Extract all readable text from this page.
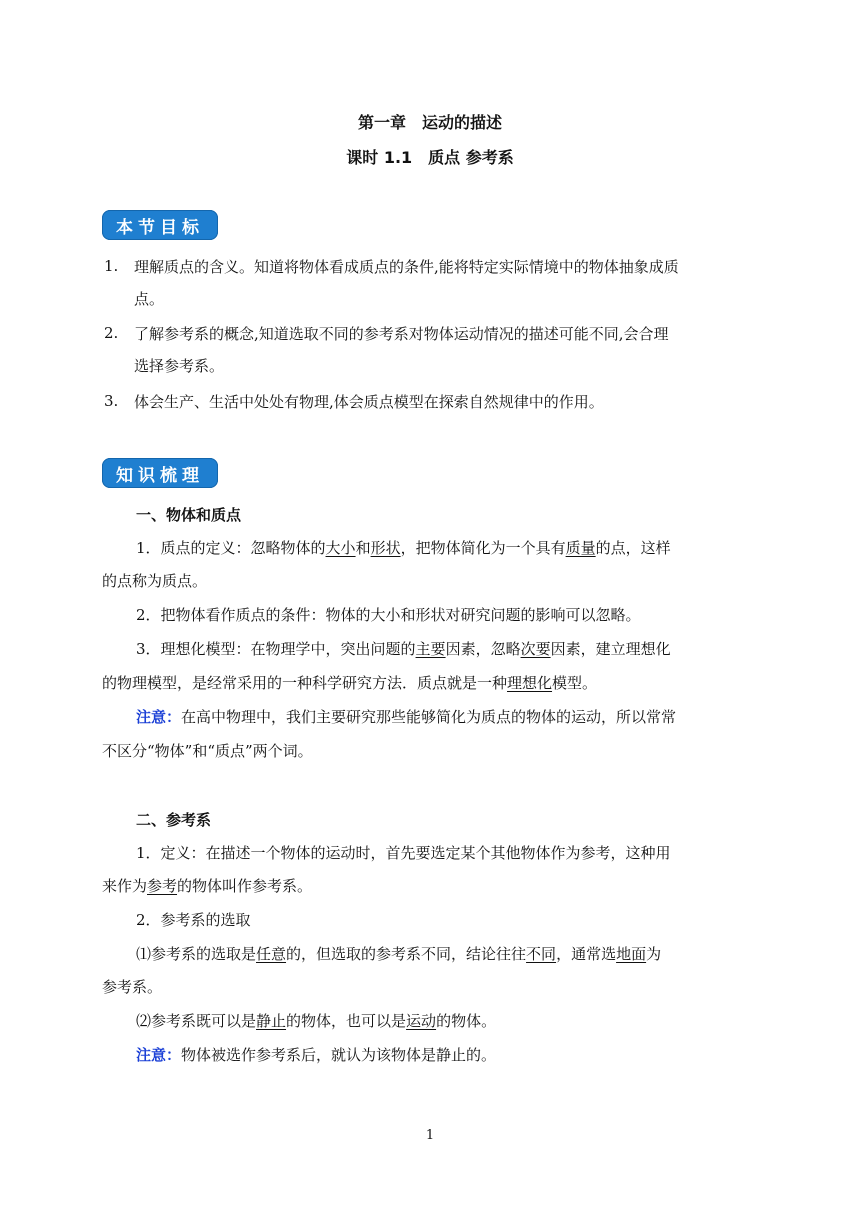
第一章　运动的描述
课时 1.1　质点 参考系
本节目标
1. 理解质点的含义。知道将物体看成质点的条件,能将特定实际情境中的物体抽象成质
点。
2. 了解参考系的概念,知道选取不同的参考系对物体运动情况的描述可能不同,会合理
选择参考系。
3. 体会生产、生活中处处有物理,体会质点模型在探索自然规律中的作用。
知识梳理
一、物体和质点
1．质点的定义：忽略物体的大小和形状，把物体简化为一个具有质量的点，这样
的点称为质点。
2．把物体看作质点的条件：物体的大小和形状对研究问题的影响可以忽略。
3．理想化模型：在物理学中，突出问题的主要因素，忽略次要因素，建立理想化
的物理模型，是经常采用的一种科学研究方法．质点就是一种理想化模型。
注意：在高中物理中，我们主要研究那些能够简化为质点的物体的运动，所以常常
不区分“物体”和“质点”两个词。
二、参考系
1．定义：在描述一个物体的运动时，首先要选定某个其他物体作为参考，这种用
来作为参考的物体叫作参考系。
2．参考系的选取
⑴参考系的选取是任意的，但选取的参考系不同，结论往往不同，通常选地面为
参考系。
⑵参考系既可以是静止的物体，也可以是运动的物体。
注意：物体被选作参考系后，就认为该物体是静止的。
1
